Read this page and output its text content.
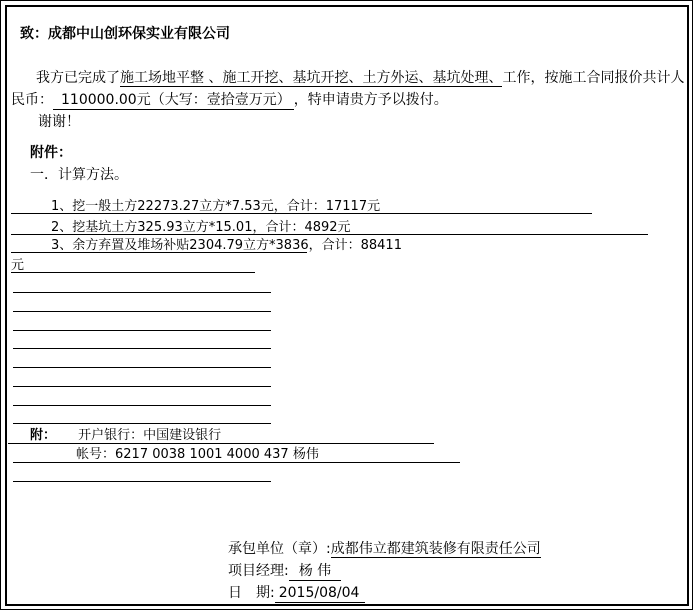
致：成都中山创环保实业有限公司
我方已完成了施工场地平整 、施工开挖、基坑开挖、土方外运、基坑处理、工作，按施工合同报价共计人
民币： 110000.00元（大写：壹拾壹万元） ，特申请贵方予以拨付。
谢谢！
附件：
一．计算方法。
1、挖一般土方22273.27立方*7.53元，合计：17117元
2、挖基坑土方325.93立方*15.01，合计：4892元
3、余方弃置及堆场补贴2304.79立方*3836，合计：88411
元
附： 开户银行：中国建设银行
帐号：6217 0038 1001 4000 437 杨伟
承包单位（章）:成都伟立都建筑装修有限责任公司
项目经理: 杨 伟
日　期: 2015/08/04
